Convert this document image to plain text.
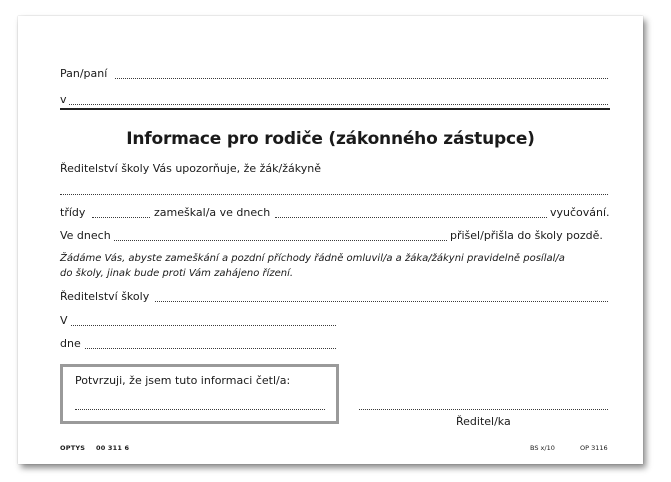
Pan/paní
v
Informace pro rodiče (zákonného zástupce)
Ředitelství školy Vás upozorňuje, že žák/žákyně
třídy	zameškal/a ve dnech	vyučování.
Ve dnech	přišel/přišla do školy pozdě.
Žádáme Vás, abyste zameškání a pozdní příchody řádně omluvil/a a žáka/žákyni pravidelně posílal/a
do školy, jinak bude proti Vám zahájeno řízení.
Ředitelství školy
V
dne
Potvrzuji, že jsem tuto informaci četl/a:
Ředitel/ka
OPTYS 00 311 6	BS x/10	OP 3116
